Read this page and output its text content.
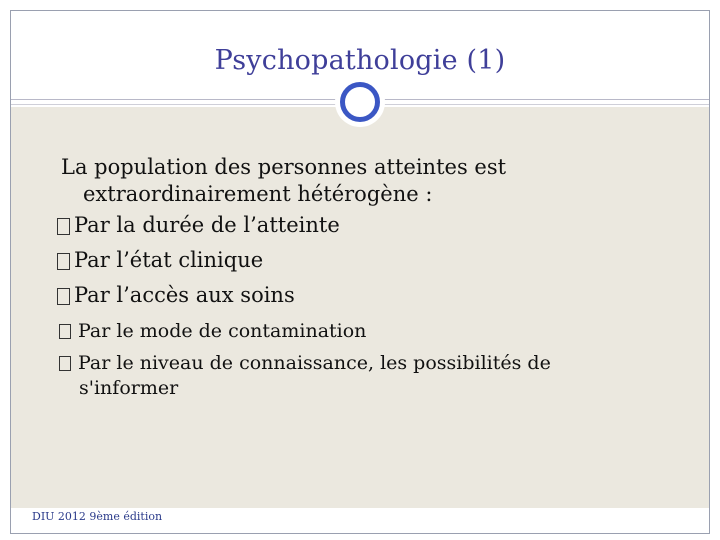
Psychopathologie (1)
La population des personnes atteintes est
extraordinairement hétérogène :
Par la durée de l’atteinte
Par l’état clinique
Par l’accès aux soins
Par le mode de contamination
Par le niveau de connaissance, les possibilités de
s'informer
DIU 2012 9ème édition
